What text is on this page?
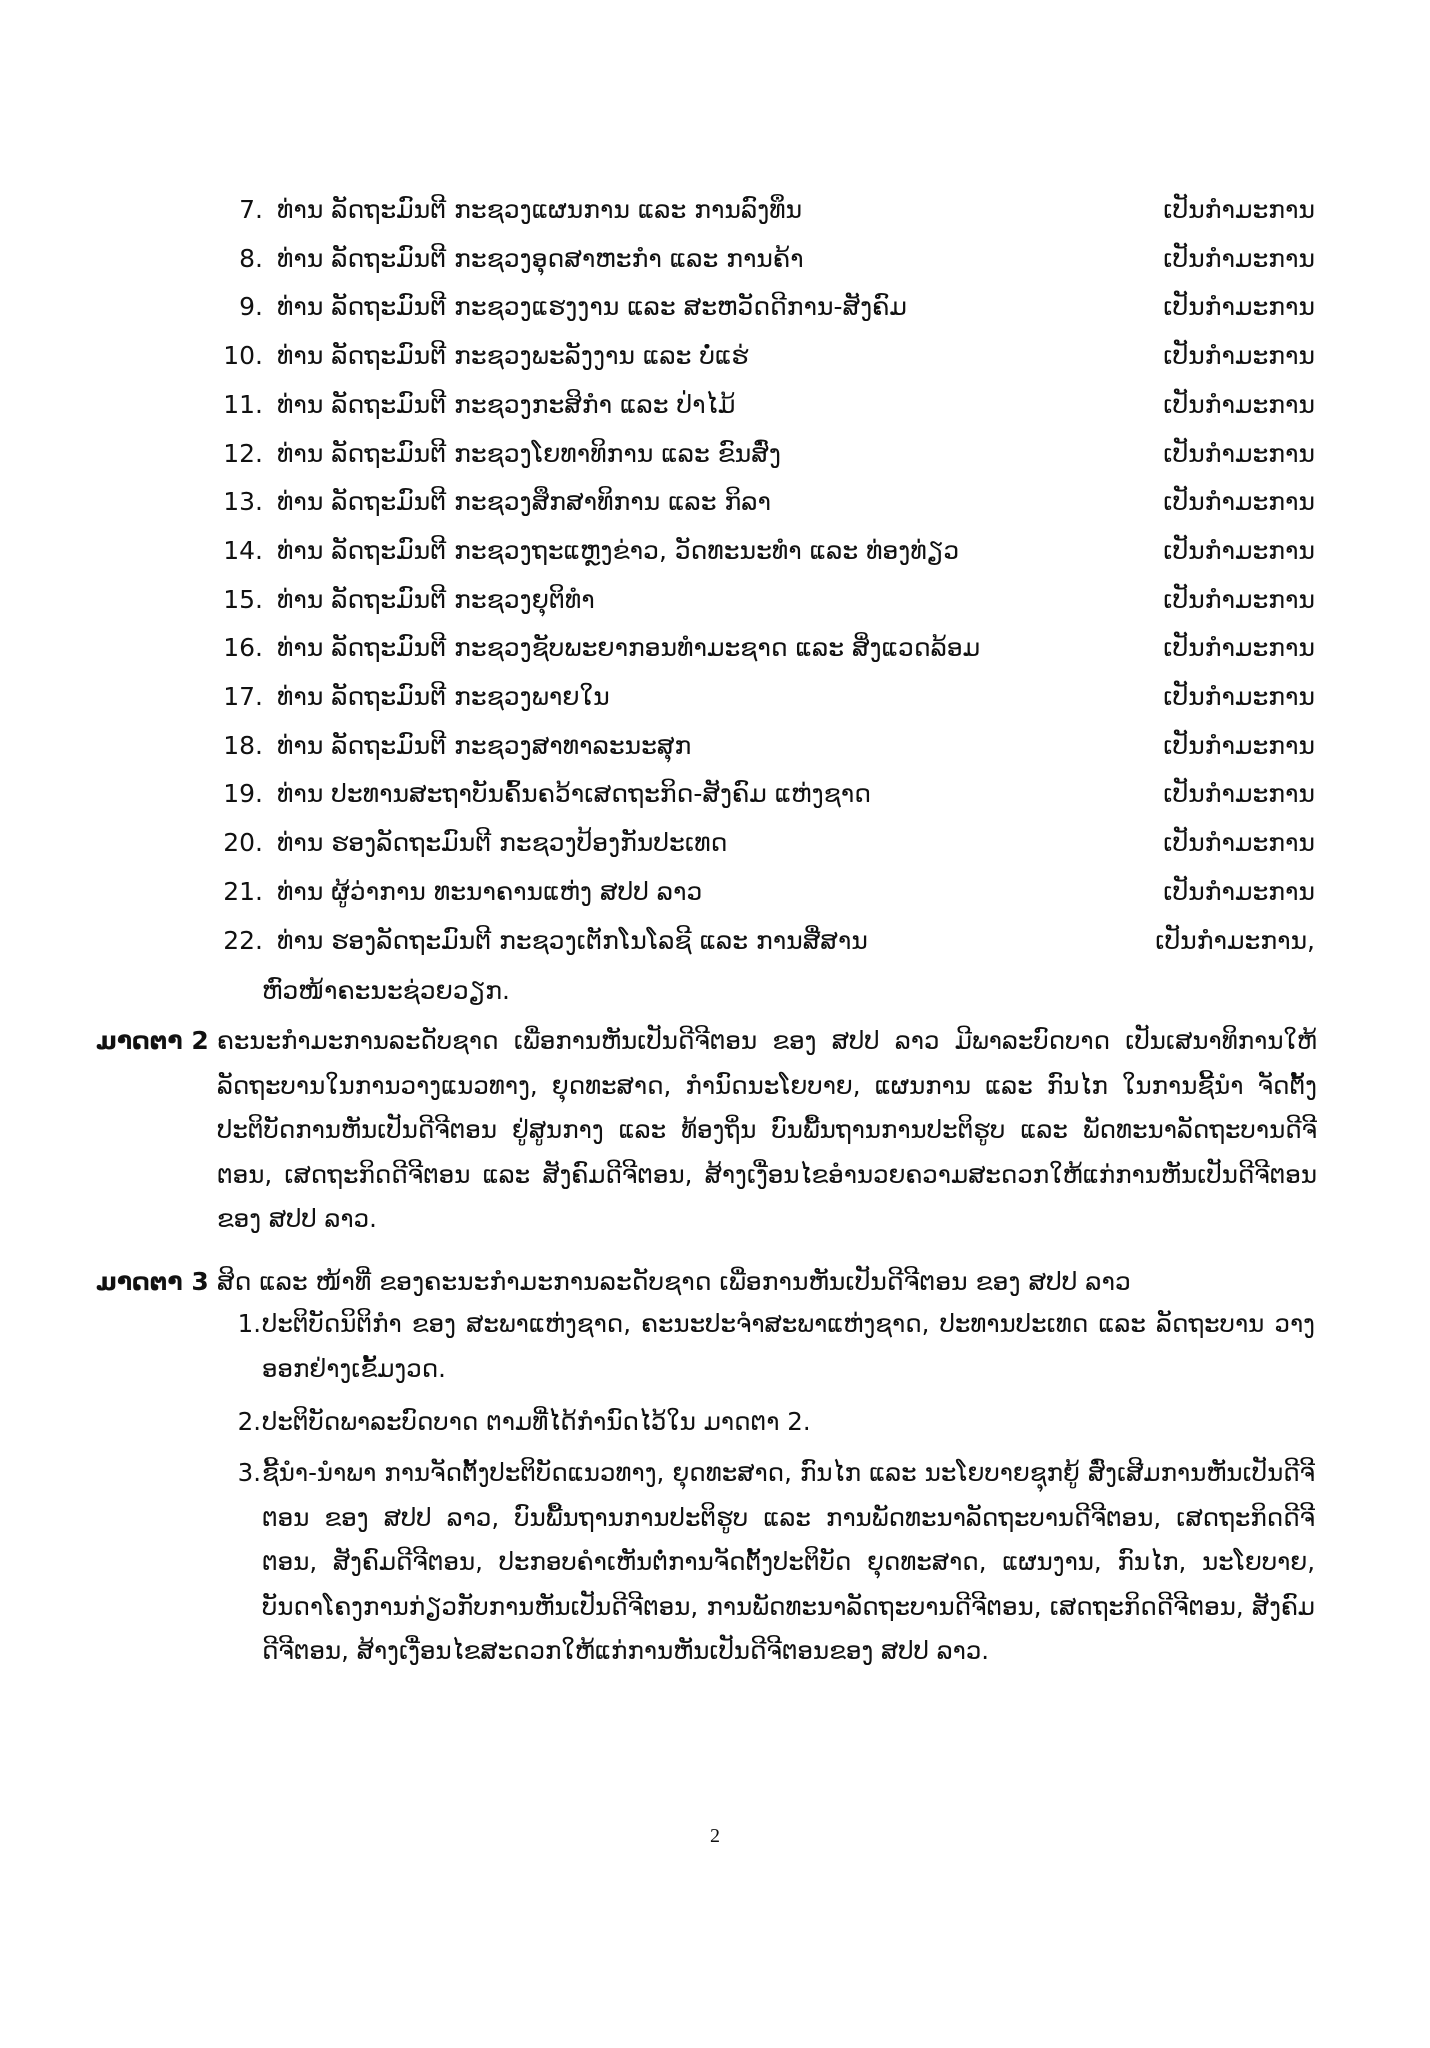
7. ທ່ານ ລັດຖະມົນຕີ ກະຊວງແຜນການ ແລະ ການລົງທຶນ	ເປັນກຳມະການ
8. ທ່ານ ລັດຖະມົນຕີ ກະຊວງອຸດສາຫະກຳ ແລະ ການຄ້າ	ເປັນກຳມະການ
9. ທ່ານ ລັດຖະມົນຕີ ກະຊວງແຮງງານ ແລະ ສະຫວັດດີການ-ສັງຄົມ	ເປັນກຳມະການ
10. ທ່ານ ລັດຖະມົນຕີ ກະຊວງພະລັງງານ ແລະ ບໍ່ແຮ່	ເປັນກຳມະການ
11. ທ່ານ ລັດຖະມົນຕີ ກະຊວງກະສິກຳ ແລະ ປ່າໄມ້	ເປັນກຳມະການ
12. ທ່ານ ລັດຖະມົນຕີ ກະຊວງໂຍທາທິການ ແລະ ຂົນສົ່ງ	ເປັນກຳມະການ
13. ທ່ານ ລັດຖະມົນຕີ ກະຊວງສຶກສາທິການ ແລະ ກິລາ	ເປັນກຳມະການ
14. ທ່ານ ລັດຖະມົນຕີ ກະຊວງຖະແຫຼງຂ່າວ, ວັດທະນະທຳ ແລະ ທ່ອງທ່ຽວ	ເປັນກຳມະການ
15. ທ່ານ ລັດຖະມົນຕີ ກະຊວງຍຸຕິທຳ	ເປັນກຳມະການ
16. ທ່ານ ລັດຖະມົນຕີ ກະຊວງຊັບພະຍາກອນທຳມະຊາດ ແລະ ສິ່ງແວດລ້ອມ	ເປັນກຳມະການ
17. ທ່ານ ລັດຖະມົນຕີ ກະຊວງພາຍໃນ	ເປັນກຳມະການ
18. ທ່ານ ລັດຖະມົນຕີ ກະຊວງສາທາລະນະສຸກ	ເປັນກຳມະການ
19. ທ່ານ ປະທານສະຖາບັນຄົ້ນຄວ້າເສດຖະກິດ-ສັງຄົມ ແຫ່ງຊາດ	ເປັນກຳມະການ
20. ທ່ານ ຮອງລັດຖະມົນຕີ ກະຊວງປ້ອງກັນປະເທດ	ເປັນກຳມະການ
21. ທ່ານ ຜູ້ວ່າການ ທະນາຄານແຫ່ງ ສປປ ລາວ	ເປັນກຳມະການ
22. ທ່ານ ຮອງລັດຖະມົນຕີ ກະຊວງເຕັກໂນໂລຊີ ແລະ ການສື່ສານ	ເປັນກຳມະການ,
ຫົວໜ້າຄະນະຊ່ວຍວຽກ.
ມາດຕາ 2 ຄະນະກຳມະການລະດັບຊາດ ເພື່ອການຫັນເປັນດີຈີຕອນ ຂອງ ສປປ ລາວ ມີພາລະບົດບາດ ເປັນເສນາທິການໃຫ້ລັດຖະບານໃນການວາງແນວທາງ, ຍຸດທະສາດ, ກຳນົດນະໂຍບາຍ, ແຜນການ ແລະ ກົນໄກ ໃນການຊີ້ນຳ ຈັດຕັ້ງປະຕິບັດການຫັນເປັນດີຈີຕອນ ຢູ່ສູນກາງ ແລະ ທ້ອງຖິ່ນ ບົນພື້ນຖານການປະຕິຮູບ ແລະ ພັດທະນາລັດຖະບານດີຈີຕອນ, ເສດຖະກິດດີຈີຕອນ ແລະ ສັງຄົມດີຈີຕອນ, ສ້າງເງື່ອນໄຂອຳນວຍຄວາມສະດວກໃຫ້ແກ່ການຫັນເປັນດີຈີຕອນ ຂອງ ສປປ ລາວ.
ມາດຕາ 3 ສິດ ແລະ ໜ້າທີ່ ຂອງຄະນະກຳມະການລະດັບຊາດ ເພື່ອການຫັນເປັນດີຈີຕອນ ຂອງ ສປປ ລາວ
1. ປະຕິບັດນິຕິກຳ ຂອງ ສະພາແຫ່ງຊາດ, ຄະນະປະຈຳສະພາແຫ່ງຊາດ, ປະທານປະເທດ ແລະ ລັດຖະບານ ວາງອອກຢ່າງເຂັ້ມງວດ.
2. ປະຕິບັດພາລະບົດບາດ ຕາມທີ່ໄດ້ກຳນົດໄວ້ໃນ ມາດຕາ 2.
3. ຊີ້ນຳ-ນຳພາ ການຈັດຕັ້ງປະຕິບັດແນວທາງ, ຍຸດທະສາດ, ກົນໄກ ແລະ ນະໂຍບາຍຊຸກຍູ້ ສົ່ງເສີມການຫັນເປັນດີຈີຕອນ ຂອງ ສປປ ລາວ, ບົນພື້ນຖານການປະຕິຮູບ ແລະ ການພັດທະນາລັດຖະບານດີຈີຕອນ, ເສດຖະກິດດີຈີຕອນ, ສັງຄົມດີຈີຕອນ, ປະກອບຄຳເຫັນຕໍ່ການຈັດຕັ້ງປະຕິບັດ ຍຸດທະສາດ, ແຜນງານ, ກົນໄກ, ນະໂຍບາຍ, ບັນດາໂຄງການກ່ຽວກັບການຫັນເປັນດີຈີຕອນ, ການພັດທະນາລັດຖະບານດີຈີຕອນ, ເສດຖະກິດດີຈີຕອນ, ສັງຄົມດີຈີຕອນ, ສ້າງເງື່ອນໄຂສະດວກໃຫ້ແກ່ການຫັນເປັນດີຈີຕອນຂອງ ສປປ ລາວ.
2
